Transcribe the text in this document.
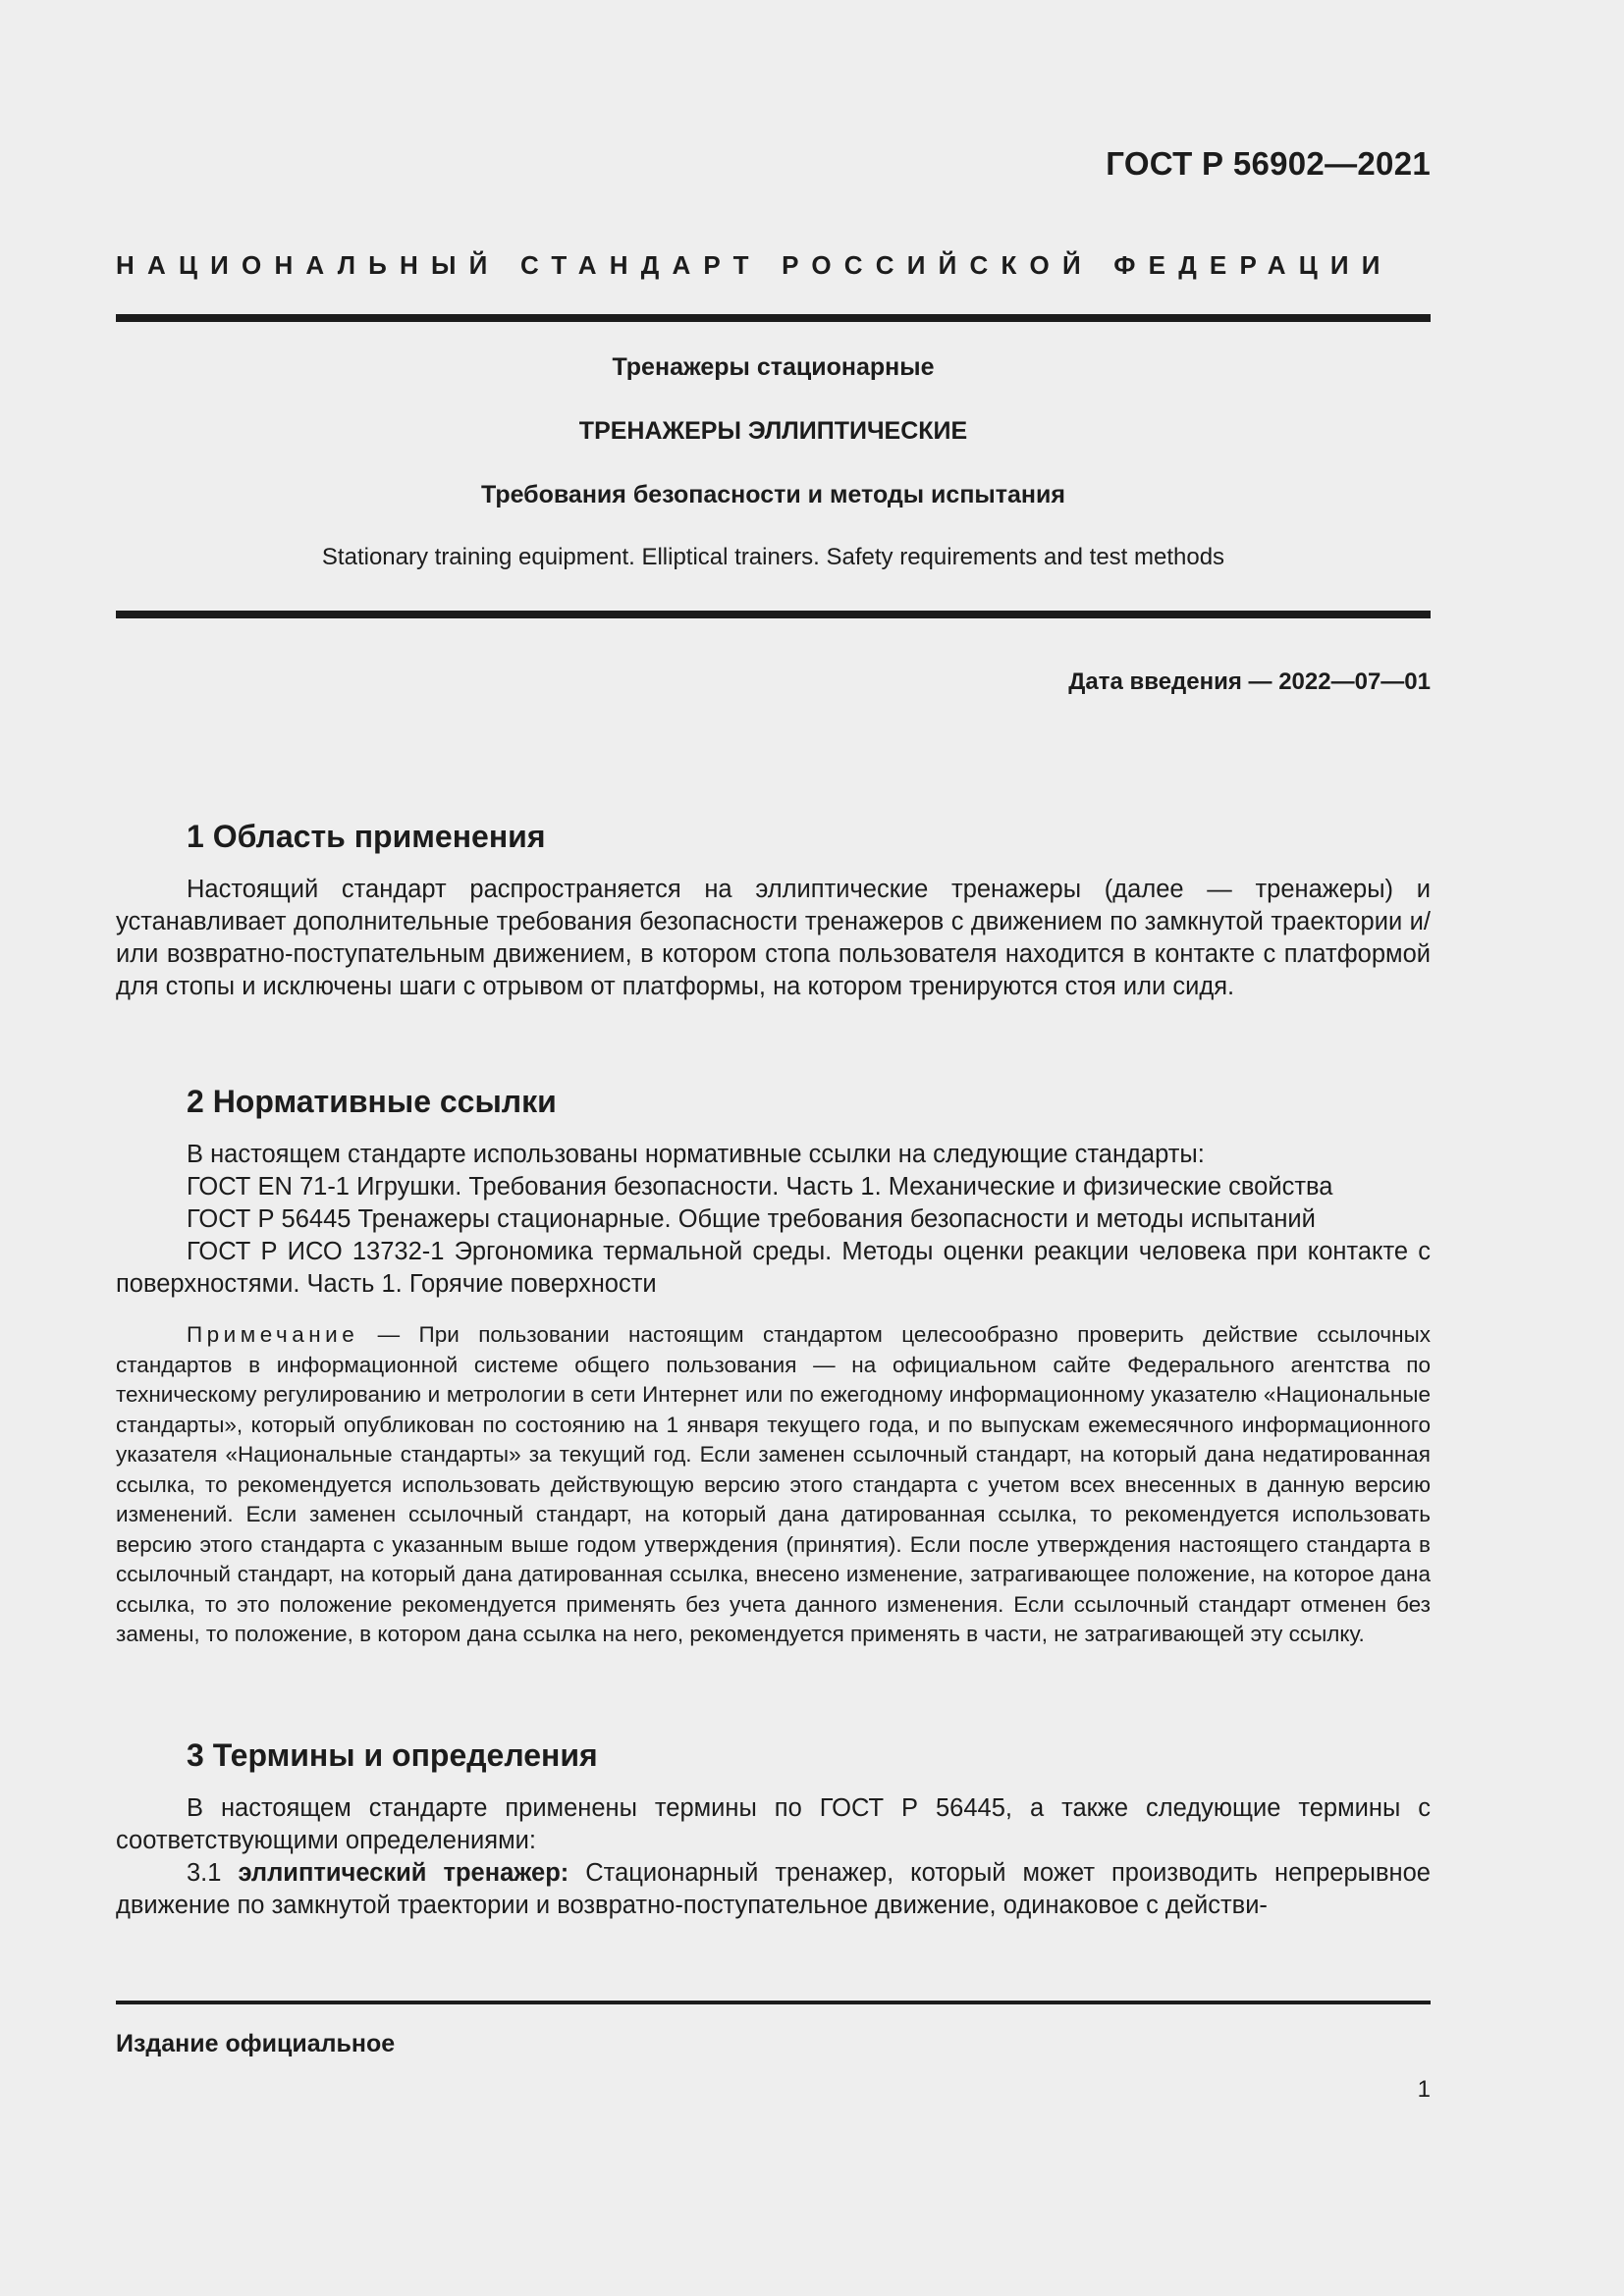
ГОСТ Р 56902—2021
НАЦИОНАЛЬНЫЙ СТАНДАРТ РОССИЙСКОЙ ФЕДЕРАЦИИ
Тренажеры стационарные
ТРЕНАЖЕРЫ ЭЛЛИПТИЧЕСКИЕ
Требования безопасности и методы испытания
Stationary training equipment. Elliptical trainers. Safety requirements and test methods
Дата введения — 2022—07—01
1 Область применения

Настоящий стандарт распространяется на эллиптические тренажеры (далее — тренажеры) и устанавливает дополнительные требования безопасности тренажеров с движением по замкнутой траектории и/или возвратно-поступательным движением, в котором стопа пользователя находится в контакте с платформой для стопы и исключены шаги с отрывом от платформы, на котором тренируются стоя или сидя.

2 Нормативные ссылки
В настоящем стандарте использованы нормативные ссылки на следующие стандарты:
ГОСТ EN 71-1 Игрушки. Требования безопасности. Часть 1. Механические и физические свойства
ГОСТ Р 56445 Тренажеры стационарные. Общие требования безопасности и методы испытаний

ГОСТ Р ИСО 13732-1 Эргономика термальной среды. Методы оценки реакции человека при контакте с поверхностями. Часть 1. Горячие поверхности

Примечание — При пользовании настоящим стандартом целесообразно проверить действие ссылочных стандартов в информационной системе общего пользования — на официальном сайте Федерального агентства по техническому регулированию и метрологии в сети Интернет или по ежегодному информационному указателю «Национальные стандарты», который опубликован по состоянию на 1 января текущего года, и по выпускам ежемесячного информационного указателя «Национальные стандарты» за текущий год. Если заменен ссылочный стандарт, на который дана недатированная ссылка, то рекомендуется использовать действующую версию этого стандарта с учетом всех внесенных в данную версию изменений. Если заменен ссылочный стандарт, на который дана датированная ссылка, то рекомендуется использовать версию этого стандарта с указанным выше годом утверждения (принятия). Если после утверждения настоящего стандарта в ссылочный стандарт, на который дана датированная ссылка, внесено изменение, затрагивающее положение, на которое дана ссылка, то это положение рекомендуется применять без учета данного изменения. Если ссылочный стандарт отменен без замены, то положение, в котором дана ссылка на него, рекомендуется применять в части, не затрагивающей эту ссылку.

3 Термины и определения

В настоящем стандарте применены термины по ГОСТ Р 56445, а также следующие термины с соответствующими определениями:

3.1 эллиптический тренажер: Стационарный тренажер, который может производить непрерывное движение по замкнутой траектории и возвратно-поступательное движение, одинаковое с действи-

Издание официальное
1
